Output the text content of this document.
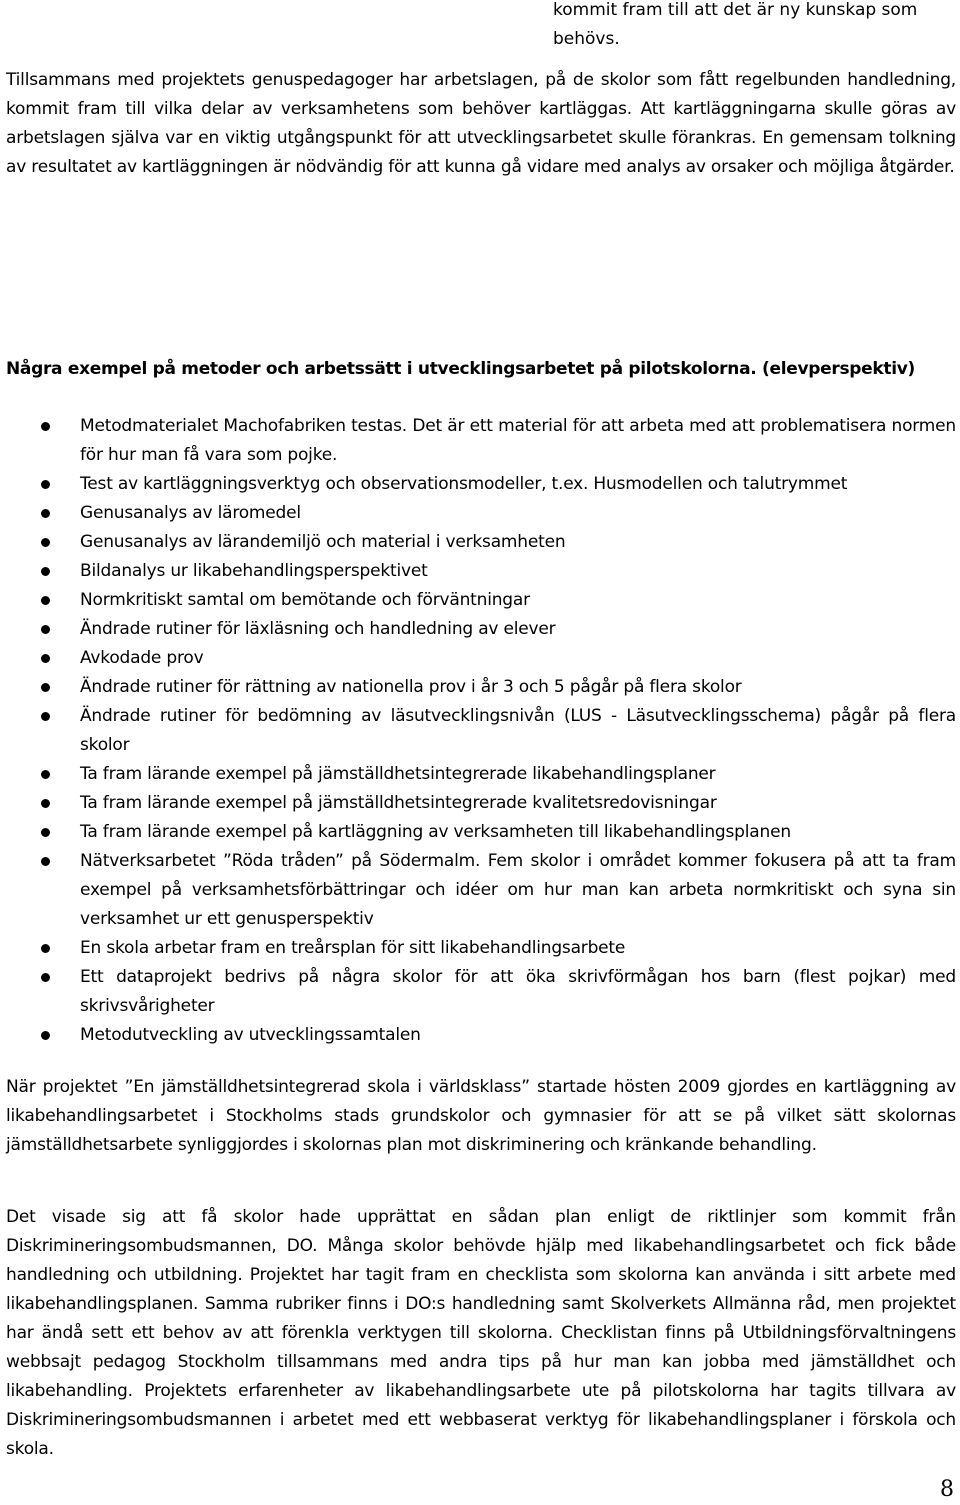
kommit fram till att det är ny kunskap som behövs.

Tillsammans med projektets genuspedagoger har arbetslagen, på de skolor som fått regelbunden handledning, kommit fram till vilka delar av verksamhetens som behöver kartläggas. Att kartläggningarna skulle göras av arbetslagen själva var en viktig utgångspunkt för att utvecklingsarbetet skulle förankras. En gemensam tolkning av resultatet av kartläggningen är nödvändig för att kunna gå vidare med analys av orsaker och möjliga åtgärder.

Några exempel på metoder och arbetssätt i utvecklingsarbetet på pilotskolorna. (elevperspektiv)

Metodmaterialet Machofabriken testas. Det är ett material för att arbeta med att problematisera normen för hur man få vara som pojke.
Test av kartläggningsverktyg och observationsmodeller, t.ex. Husmodellen och talutrymmet
Genusanalys av läromedel
Genusanalys av lärandemiljö och material i verksamheten
Bildanalys ur likabehandlingsperspektivet
Normkritiskt samtal om bemötande och förväntningar
Ändrade rutiner för läxläsning och handledning av elever
Avkodade prov
Ändrade rutiner för rättning av nationella prov i år 3 och 5 pågår på flera skolor
Ändrade rutiner för bedömning av läsutvecklingsnivån (LUS - Läsutvecklingsschema) pågår på flera skolor
Ta fram lärande exempel på jämställdhetsintegrerade likabehandlingsplaner
Ta fram lärande exempel på jämställdhetsintegrerade kvalitetsredovisningar
Ta fram lärande exempel på kartläggning av verksamheten till likabehandlingsplanen
Nätverksarbetet ”Röda tråden” på Södermalm. Fem skolor i området kommer fokusera på att ta fram exempel på verksamhetsförbättringar och idéer om hur man kan arbeta normkritiskt och syna sin verksamhet ur ett genusperspektiv
En skola arbetar fram en treårsplan för sitt likabehandlingsarbete
Ett dataprojekt bedrivs på några skolor för att öka skrivförmågan hos barn (flest pojkar) med skrivsvårigheter
Metodutveckling av utvecklingssamtalen

När projektet ”En jämställdhetsintegrerad skola i världsklass” startade hösten 2009 gjordes en kartläggning av likabehandlingsarbetet i Stockholms stads grundskolor och gymnasier för att se på vilket sätt skolornas jämställdhetsarbete synliggjordes i skolornas plan mot diskriminering och kränkande behandling.

Det visade sig att få skolor hade upprättat en sådan plan enligt de riktlinjer som kommit från Diskrimineringsombudsmannen, DO. Många skolor behövde hjälp med likabehandlingsarbetet och fick både handledning och utbildning. Projektet har tagit fram en checklista som skolorna kan använda i sitt arbete med likabehandlingsplanen. Samma rubriker finns i DO:s handledning samt Skolverkets Allmänna råd, men projektet har ändå sett ett behov av att förenkla verktygen till skolorna. Checklistan finns på Utbildningsförvaltningens webbsajt pedagog Stockholm tillsammans med andra tips på hur man kan jobba med jämställdhet och likabehandling. Projektets erfarenheter av likabehandlingsarbete ute på pilotskolorna har tagits tillvara av Diskrimineringsombudsmannen i arbetet med ett webbaserat verktyg för likabehandlingsplaner i förskola och skola.

8
